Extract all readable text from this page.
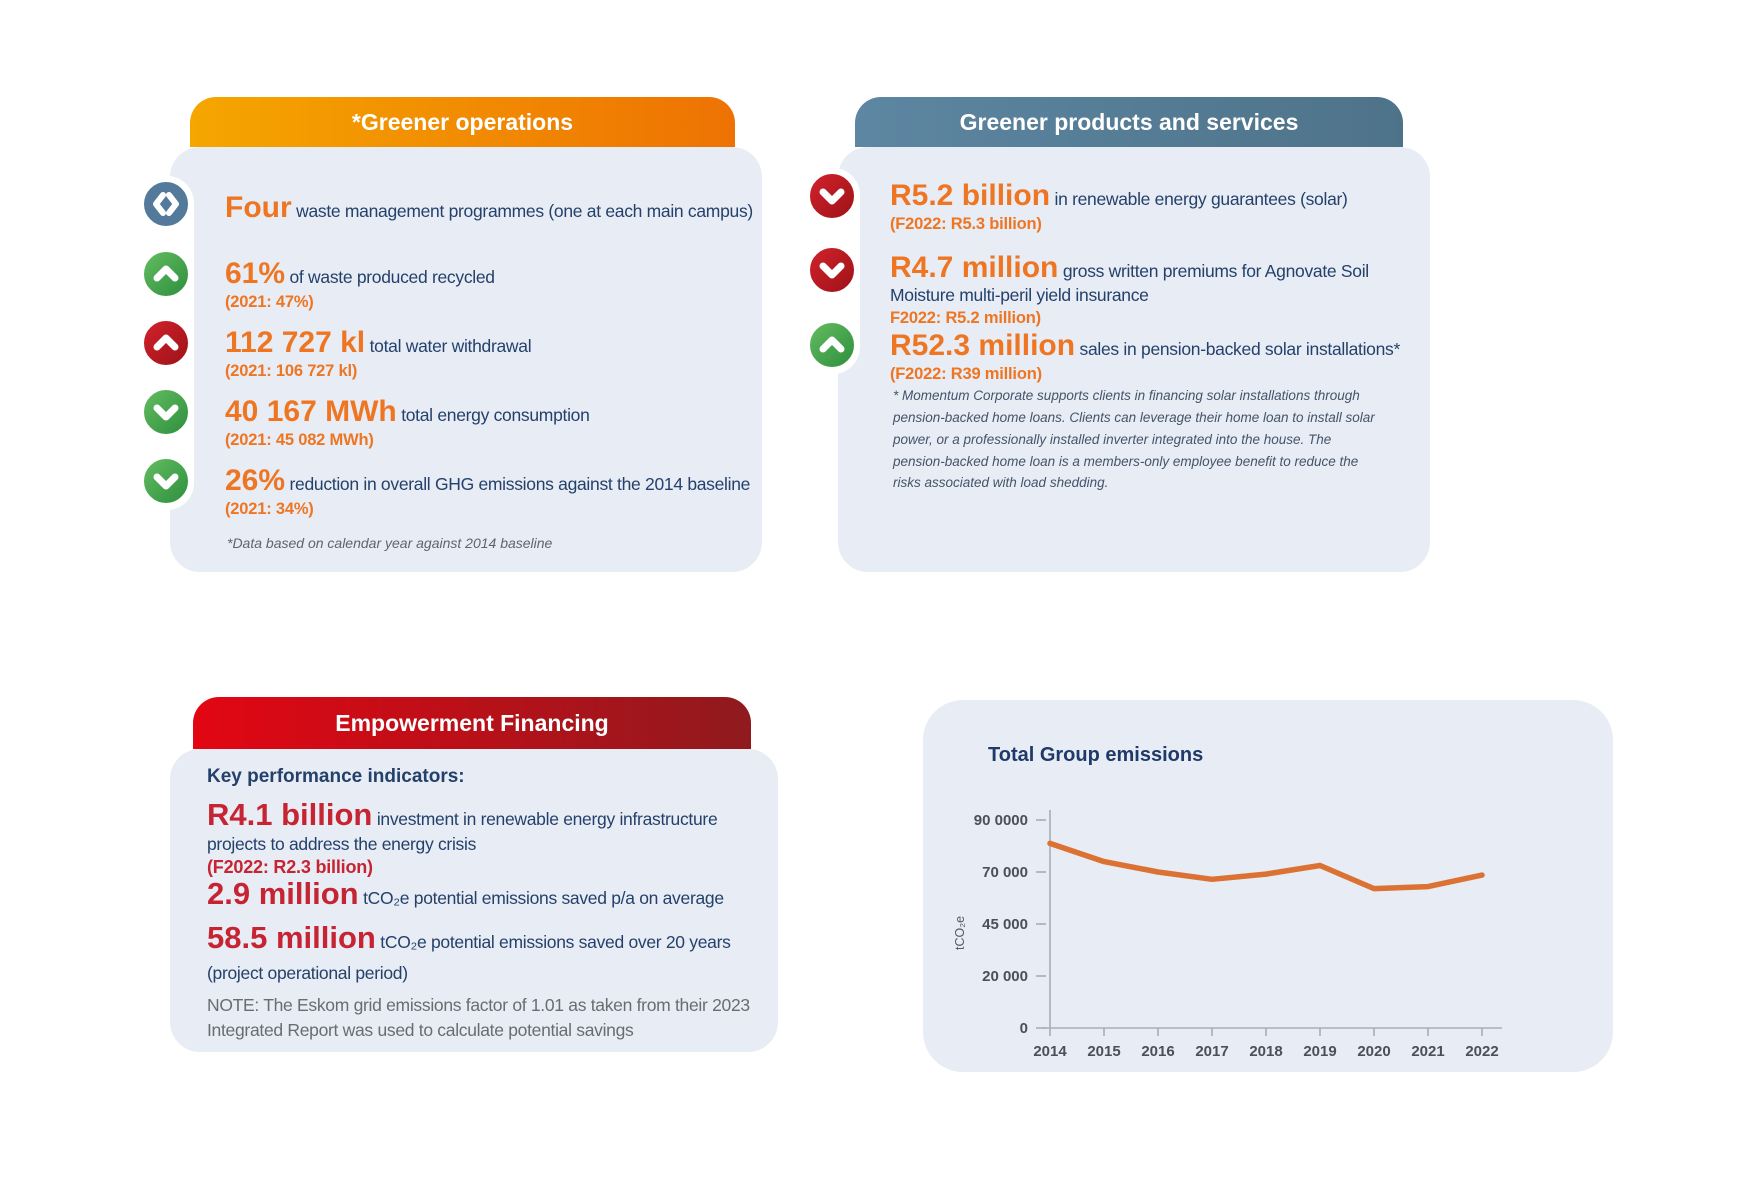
*Greener operations
Four waste management programmes (one at each main campus)
61% of waste produced recycled
(2021: 47%)
112 727 kl total water withdrawal
(2021: 106 727 kl)
40 167 MWh total energy consumption
(2021: 45 082 MWh)
26% reduction in overall GHG emissions against the 2014 baseline
(2021: 34%)
*Data based on calendar year against 2014 baseline
Greener products and services
R5.2 billion in renewable energy guarantees (solar)
(F2022: R5.3 billion)
R4.7 million gross written premiums for Agnovate Soil Moisture multi-peril yield insurance
F2022: R5.2 million)
R52.3 million sales in pension-backed solar installations*
(F2022: R39 million)
* Momentum Corporate supports clients in financing solar installations through pension-backed home loans. Clients can leverage their home loan to install solar power, or a professionally installed inverter integrated into the house. The pension-backed home loan is a members-only employee benefit to reduce the risks associated with load shedding.
Empowerment Financing
Key performance indicators:
R4.1 billion investment in renewable energy infrastructure projects to address the energy crisis
(F2022: R2.3 billion)
2.9 million tCO₂e potential emissions saved p/a on average
58.5 million tCO₂e potential emissions saved over 20 years
(project operational period)
NOTE: The Eskom grid emissions factor of 1.01 as taken from their 2023 Integrated Report was used to calculate potential savings
Total Group emissions
tCO₂e
90 0000
70 000
45 000
20 000
0
2014 2015 2016 2017 2018 2019 2020 2021 2022
